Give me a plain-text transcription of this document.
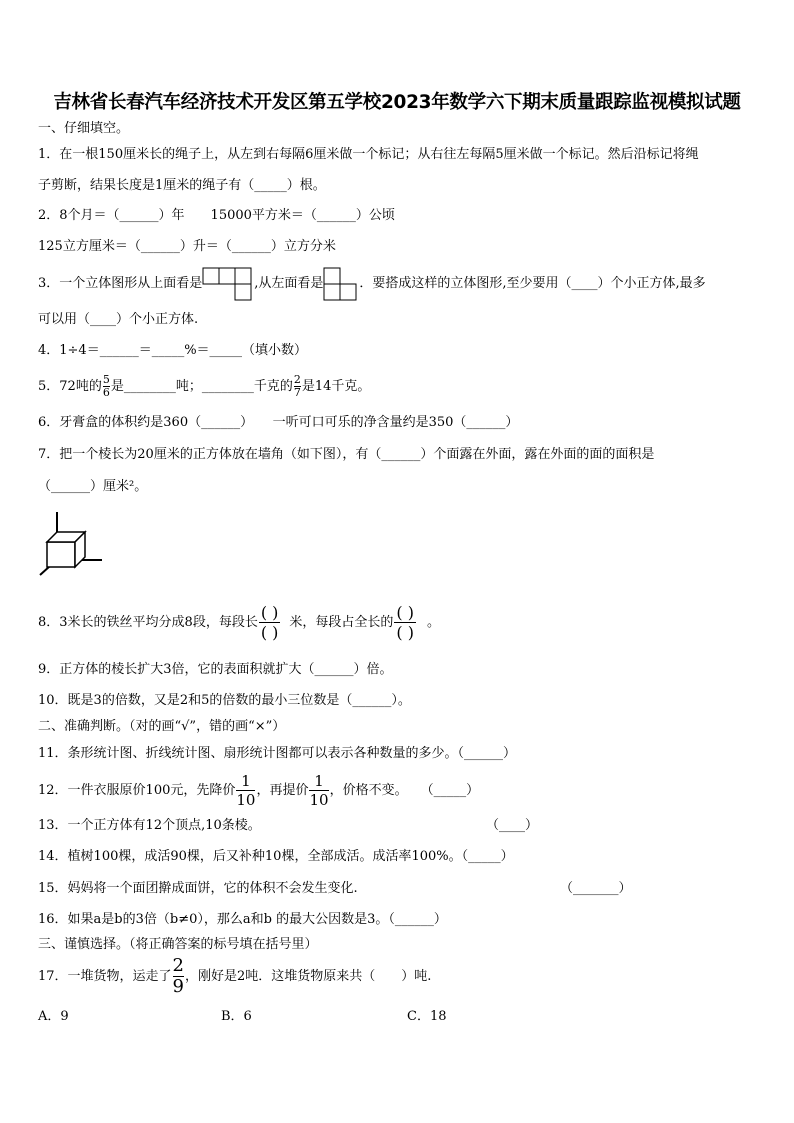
吉林省长春汽车经济技术开发区第五学校2023年数学六下期末质量跟踪监视模拟试题
一、仔细填空。
1．在一根150厘米长的绳子上，从左到右每隔6厘米做一个标记；从右往左每隔5厘米做一个标记。然后沿标记将绳
子剪断，结果长度是1厘米的绳子有（_____）根。
2．8个月＝（______）年　　15000平方米＝（______）公顷
125立方厘米＝（______）升＝（______）立方分米
3．一个立体图形从上面看是	,从左面看是	．要搭成这样的立体图形,至少要用（____）个小正方体,最多
可以用（____）个小正方体.
4．1÷4＝______＝_____%＝_____（填小数）
5．72吨的 $\frac{5}{6}$ 是________吨；________千克的 $\frac{2}{7}$ 是14千克。
6．牙膏盒的体积约是360（______）　　一听可口可乐的净含量约是350（______）
7．把一个棱长为20厘米的正方体放在墙角（如下图），有（______）个面露在外面，露在外面的面的面积是
（______）厘米²。
8．3米长的铁丝平均分成8段，每段长 $\frac{( )}{( )}$ 米，每段占全长的 $\frac{( )}{( )}$ 。
9．正方体的棱长扩大3倍，它的表面积就扩大（______）倍。
10．既是3的倍数，又是2和5的倍数的最小三位数是（______）。
二、准确判断。（对的画“√”，错的画“×”）
11．条形统计图、折线统计图、扇形统计图都可以表示各种数量的多少。（______）
12．一件衣服原价100元，先降价 $\frac{1}{10}$ ，再提价 $\frac{1}{10}$ ，价格不变。　　（_____）
13．一个正方体有12个顶点,10条棱。	（____）
14．植树100棵，成活90棵，后又补种10棵，全部成活。成活率100%。（_____）
15．妈妈将一个面团擀成面饼，它的体积不会发生变化.	（_______）
16．如果a是b的3倍（b≠0），那么a和b 的最大公因数是3。（______）
三、谨慎选择。（将正确答案的标号填在括号里）
17．一堆货物，运走了 $\frac{2}{9}$ ，刚好是2吨．这堆货物原来共（　　）吨.
A．9	B．6	C．18
